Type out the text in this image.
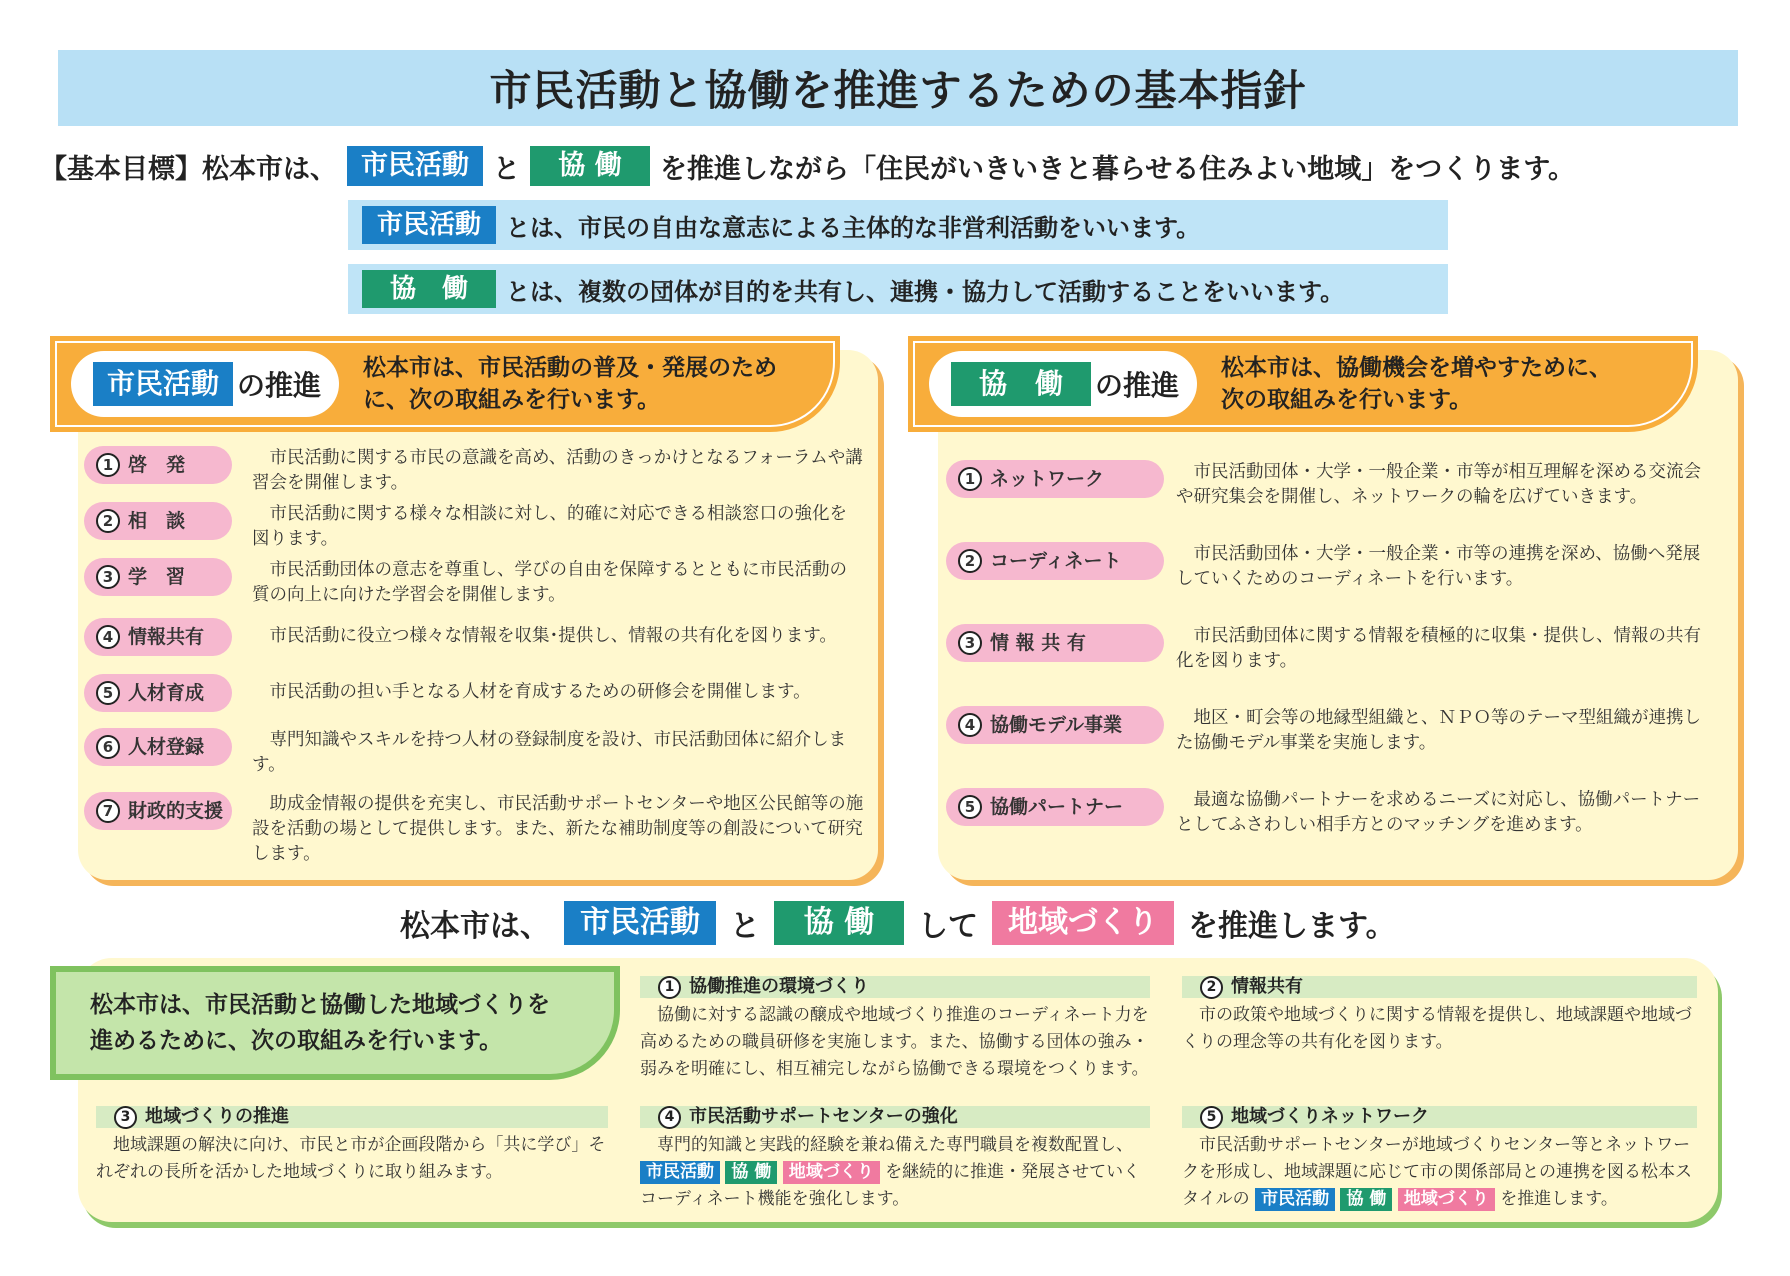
市民活動と協働を推進するための基本指針
【基本目標】松本市は、 市民活動 と	協 働	を推進しながら「住民がいきいきと暮らせる住みよい地域」をつくります。
市民活動	とは、市民の自由な意志による主体的な非営利活動をいいます。
協　働	とは、複数の団体が目的を共有し、連携・協力して活動することをいいます。
市民活動 の推進
松本市は、市民活動の普及・発展のために、次の取組みを行います。
1 啓　発	市民活動に関する市民の意識を高め、活動のきっかけとなるフォーラムや講習会を開催します。
2 相　談	市民活動に関する様々な相談に対し、的確に対応できる相談窓口の強化を図ります。
3 学　習	市民活動団体の意志を尊重し、学びの自由を保障するとともに市民活動の質の向上に向けた学習会を開催します。
4 情報共有	市民活動に役立つ様々な情報を収集･提供し、情報の共有化を図ります。
5 人材育成	市民活動の担い手となる人材を育成するための研修会を開催します。
6 人材登録	専門知識やスキルを持つ人材の登録制度を設け、市民活動団体に紹介します。
7 財政的支援	助成金情報の提供を充実し、市民活動サポートセンターや地区公民館等の施設を活動の場として提供します。また、新たな補助制度等の創設について研究します。
協　働	の推進
松本市は、協働機会を増やすために、次の取組みを行います。
1 ネットワーク	市民活動団体・大学・一般企業・市等が相互理解を深める交流会や研究集会を開催し、ネットワークの輪を広げていきます。
2 コーディネート	市民活動団体・大学・一般企業・市等の連携を深め、協働へ発展していくためのコーディネートを行います。
3 情 報 共 有	市民活動団体に関する情報を積極的に収集・提供し、情報の共有化を図ります。
4 協働モデル事業	地区・町会等の地縁型組織と、ＮＰＯ等のテーマ型組織が連携した協働モデル事業を実施します。
5 協働パートナー	最適な協働パートナーを求めるニーズに対応し、協働パートナーとしてふさわしい相手方とのマッチングを進めます。
松本市は、	市民活動	と	協 働	して	地域づくり	を推進します。
松本市は、市民活動と協働した地域づくりを進めるために、次の取組みを行います。
1 協働推進の環境づくり
協働に対する認識の醸成や地域づくり推進のコーディネート力を高めるための職員研修を実施します。また、協働する団体の強み・弱みを明確にし、相互補完しながら協働できる環境をつくります。
2 情報共有
市の政策や地域づくりに関する情報を提供し、地域課題や地域づくりの理念等の共有化を図ります。
3 地域づくりの推進
地域課題の解決に向け、市民と市が企画段階から「共に学び」それぞれの長所を活かした地域づくりに取り組みます。
4 市民活動サポートセンターの強化
専門的知識と実践的経験を兼ね備えた専門職員を複数配置し、 市民活動 協 働 地域づくり を継続的に推進・発展させていくコーディネート機能を強化します。
5 地域づくりネットワーク
市民活動サポートセンターが地域づくりセンター等とネットワークを形成し、地域課題に応じて市の関係部局との連携を図る松本スタイルの 市民活動 協 働 地域づくり を推進します。
